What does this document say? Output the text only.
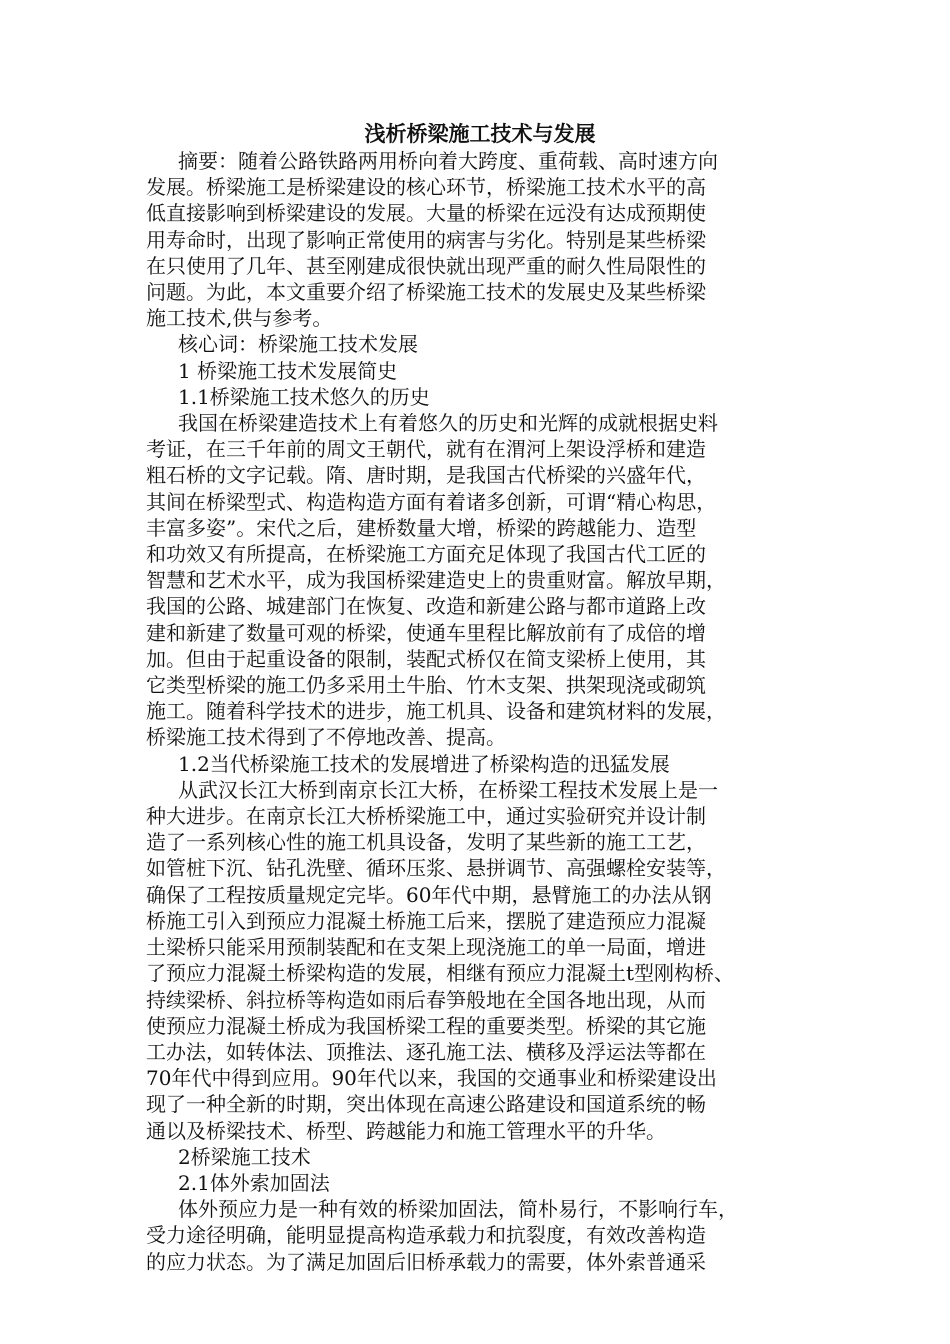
浅析桥梁施工技术与发展

摘要：随着公路铁路两用桥向着大跨度、重荷载、高时速方向

发展。桥梁施工是桥梁建设的核心环节，桥梁施工技术水平的高

低直接影响到桥梁建设的发展。大量的桥梁在远没有达成预期使

用寿命时，出现了影响正常使用的病害与劣化。特别是某些桥梁

在只使用了几年、甚至刚建成很快就出现严重的耐久性局限性的

问题。为此，本文重要介绍了桥梁施工技术的发展史及某些桥梁

施工技术,供与参考。

核心词：桥梁施工技术发展

1 桥梁施工技术发展简史

1.1桥梁施工技术悠久的历史

我国在桥梁建造技术上有着悠久的历史和光辉的成就根据史料

考证，在三千年前的周文王朝代，就有在渭河上架设浮桥和建造

粗石桥的文字记载。隋、唐时期，是我国古代桥梁的兴盛年代，

其间在桥梁型式、构造构造方面有着诸多创新，可谓“精心构思，

丰富多姿”。宋代之后，建桥数量大增，桥梁的跨越能力、造型

和功效又有所提高，在桥梁施工方面充足体现了我国古代工匠的

智慧和艺术水平，成为我国桥梁建造史上的贵重财富。解放早期，

我国的公路、城建部门在恢复、改造和新建公路与都市道路上改

建和新建了数量可观的桥梁，使通车里程比解放前有了成倍的增

加。但由于起重设备的限制，装配式桥仅在简支梁桥上使用，其

它类型桥梁的施工仍多采用土牛胎、竹木支架、拱架现浇或砌筑

施工。随着科学技术的进步，施工机具、设备和建筑材料的发展，

桥梁施工技术得到了不停地改善、提高。

1.2当代桥梁施工技术的发展增进了桥梁构造的迅猛发展

从武汉长江大桥到南京长江大桥，在桥梁工程技术发展上是一

种大进步。在南京长江大桥桥梁施工中，通过实验研究并设计制

造了一系列核心性的施工机具设备，发明了某些新的施工工艺，

如管桩下沉、钻孔洗壁、循环压浆、悬拼调节、高强螺栓安装等，

确保了工程按质量规定完毕。60年代中期，悬臂施工的办法从钢

桥施工引入到预应力混凝土桥施工后来，摆脱了建造预应力混凝

土梁桥只能采用预制装配和在支架上现浇施工的单一局面，增进

了预应力混凝土桥梁构造的发展，相继有预应力混凝土t型刚构桥、

持续梁桥、斜拉桥等构造如雨后春笋般地在全国各地出现，从而

使预应力混凝土桥成为我国桥梁工程的重要类型。桥梁的其它施

工办法，如转体法、顶推法、逐孔施工法、横移及浮运法等都在

70年代中得到应用。90年代以来，我国的交通事业和桥梁建设出

现了一种全新的时期，突出体现在高速公路建设和国道系统的畅

通以及桥梁技术、桥型、跨越能力和施工管理水平的升华。

2桥梁施工技术

2.1体外索加固法

体外预应力是一种有效的桥梁加固法，简朴易行，不影响行车，

受力途径明确，能明显提高构造承载力和抗裂度，有效改善构造

的应力状态。为了满足加固后旧桥承载力的需要，体外索普通采
